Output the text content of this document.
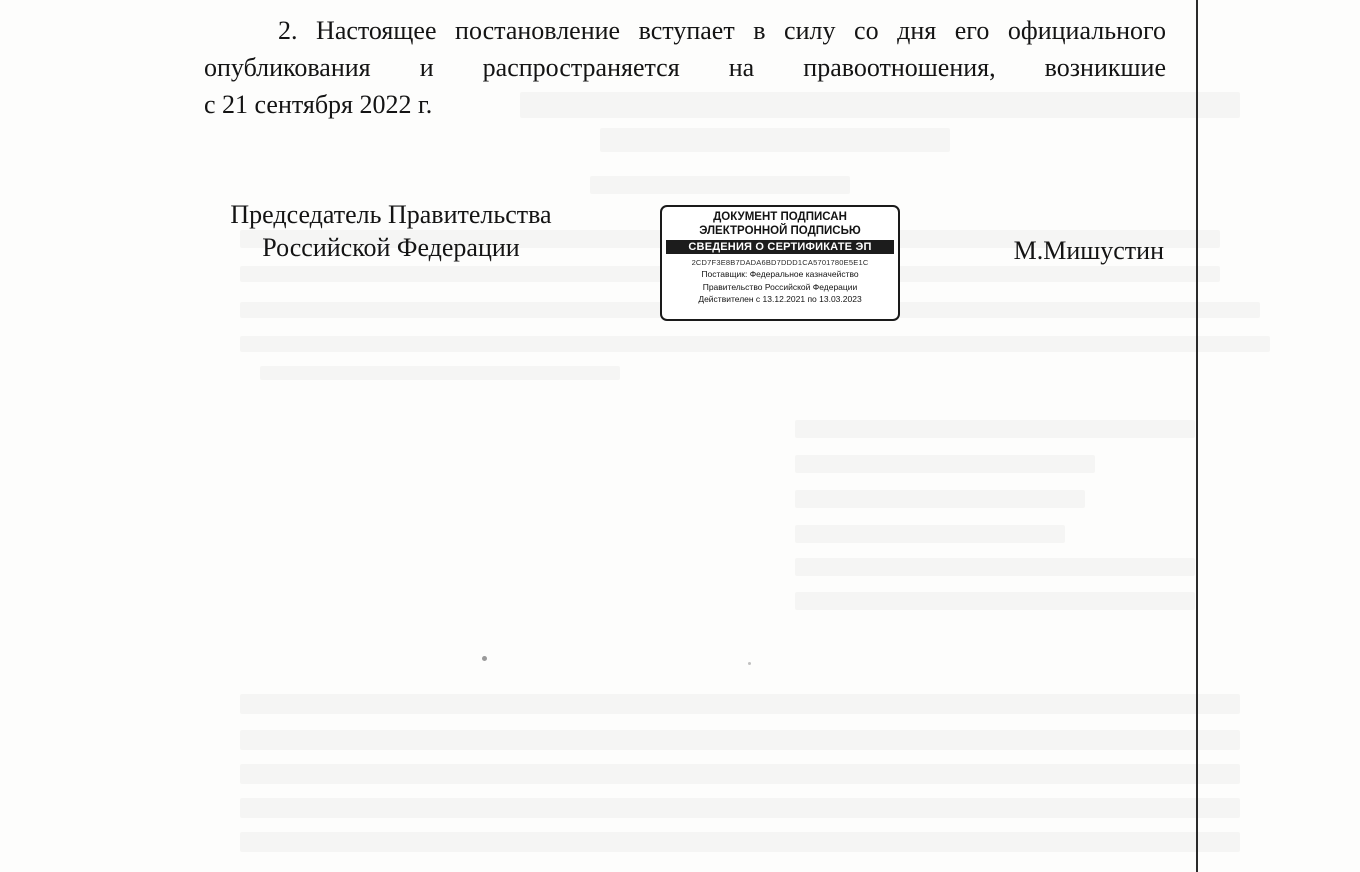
2. Настоящее постановление вступает в силу со дня его официального
опубликования и распространяется на правоотношения, возникшие
с 21 сентября 2022 г.
Председатель Правительства
Российской Федерации
ДОКУМЕНТ ПОДПИСАН
ЭЛЕКТРОННОЙ ПОДПИСЬЮ
СВЕДЕНИЯ О СЕРТИФИКАТЕ ЭП
2CD7F3E8B7DADA6BD7DDD1CA5701780E5E1C
Поставщик: Федеральное казначейство
Правительство Российской Федерации
Действителен с 13.12.2021 по 13.03.2023
М.Мишустин
